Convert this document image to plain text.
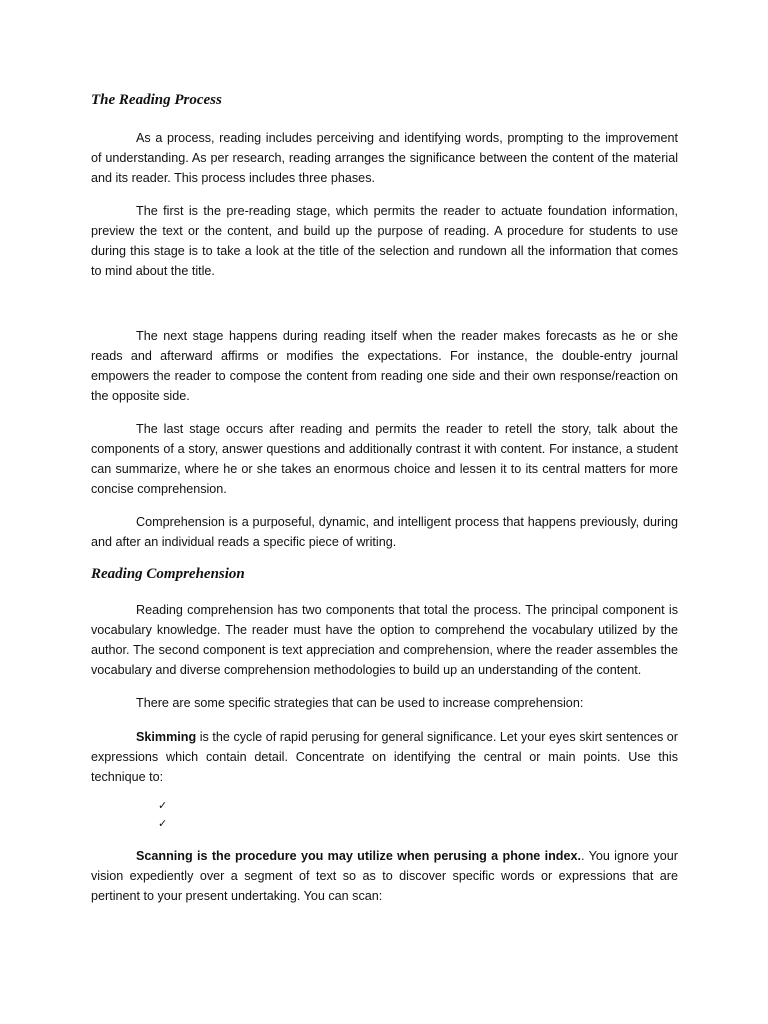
The Reading Process

As a process, reading includes perceiving and identifying words, prompting to the improvement of understanding. As per research, reading arranges the significance between the content of the material and its reader. This process includes three phases.

The first is the pre-reading stage, which permits the reader to actuate foundation information, preview the text or the content, and build up the purpose of reading. A procedure for students to use during this stage is to take a look at the title of the selection and rundown all the information that comes to mind about the title.

The next stage happens during reading itself when the reader makes forecasts as he or she reads and afterward affirms or modifies the expectations. For instance, the double-entry journal empowers the reader to compose the content from reading one side and their own response/reaction on the opposite side.

The last stage occurs after reading and permits the reader to retell the story, talk about the components of a story, answer questions and additionally contrast it with content. For instance, a student can summarize, where he or she takes an enormous choice and lessen it to its central matters for more concise comprehension.

Comprehension is a purposeful, dynamic, and intelligent process that happens previously, during and after an individual reads a specific piece of writing.

Reading Comprehension

Reading comprehension has two components that total the process. The principal component is vocabulary knowledge. The reader must have the option to comprehend the vocabulary utilized by the author. The second component is text appreciation and comprehension, where the reader assembles the vocabulary and diverse comprehension methodologies to build up an understanding of the content.

There are some specific strategies that can be used to increase comprehension:

Skimming is the cycle of rapid perusing for general significance. Let your eyes skirt sentences or expressions which contain detail. Concentrate on identifying the central or main points. Use this technique to:

✓
✓

Scanning is the procedure you may utilize when perusing a phone index.. You ignore your vision expediently over a segment of text so as to discover specific words or expressions that are pertinent to your present undertaking. You can scan:
